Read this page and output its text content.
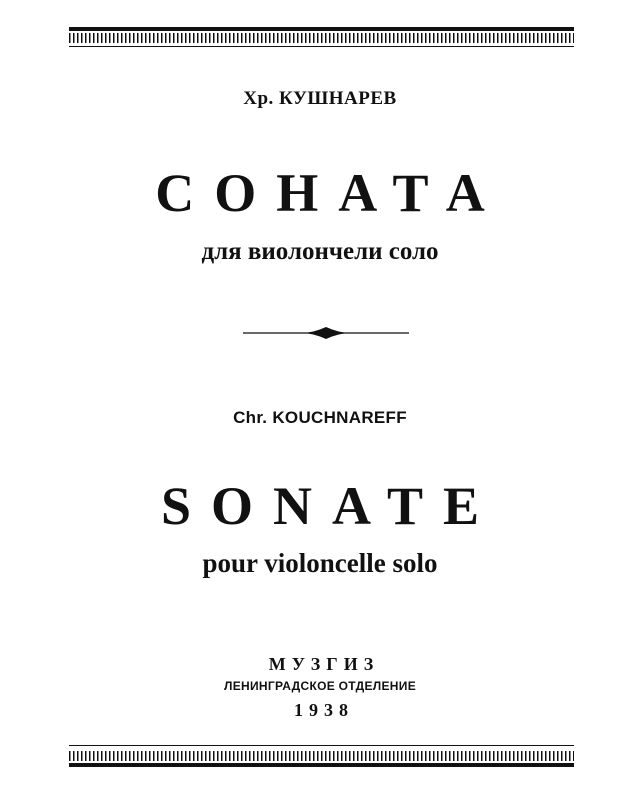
Хр. КУШНАРЕВ
СОНАТА
для виолончели соло
Chr. KOUCHNAREFF
SONATE
pour violoncelle solo
МУЗГИЗ
ЛЕНИНГРАДСКОЕ ОТДЕЛЕНИЕ
1938
